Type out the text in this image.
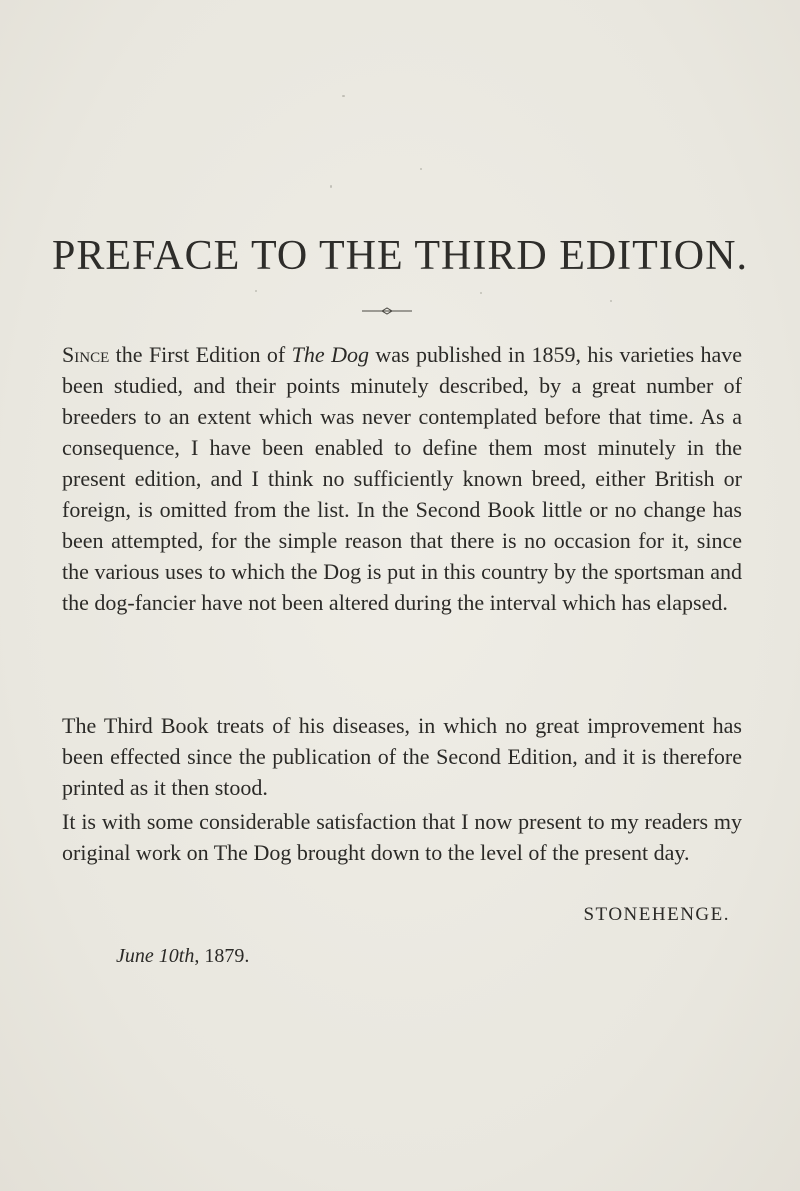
PREFACE TO THE THIRD EDITION.

Since the First Edition of The Dog was published in 1859, his varieties have been studied, and their points minutely described, by a great number of breeders to an extent which was never contemplated before that time. As a consequence, I have been enabled to define them most minutely in the present edition, and I think no sufficiently known breed, either British or foreign, is omitted from the list. In the Second Book little or no change has been attempted, for the simple reason that there is no occasion for it, since the various uses to which the Dog is put in this country by the sportsman and the dog-fancier have not been altered during the interval which has elapsed.

The Third Book treats of his diseases, in which no great improvement has been effected since the publication of the Second Edition, and it is therefore printed as it then stood.

It is with some considerable satisfaction that I now present to my readers my original work on The Dog brought down to the level of the present day.

STONEHENGE.
June 10th, 1879.
